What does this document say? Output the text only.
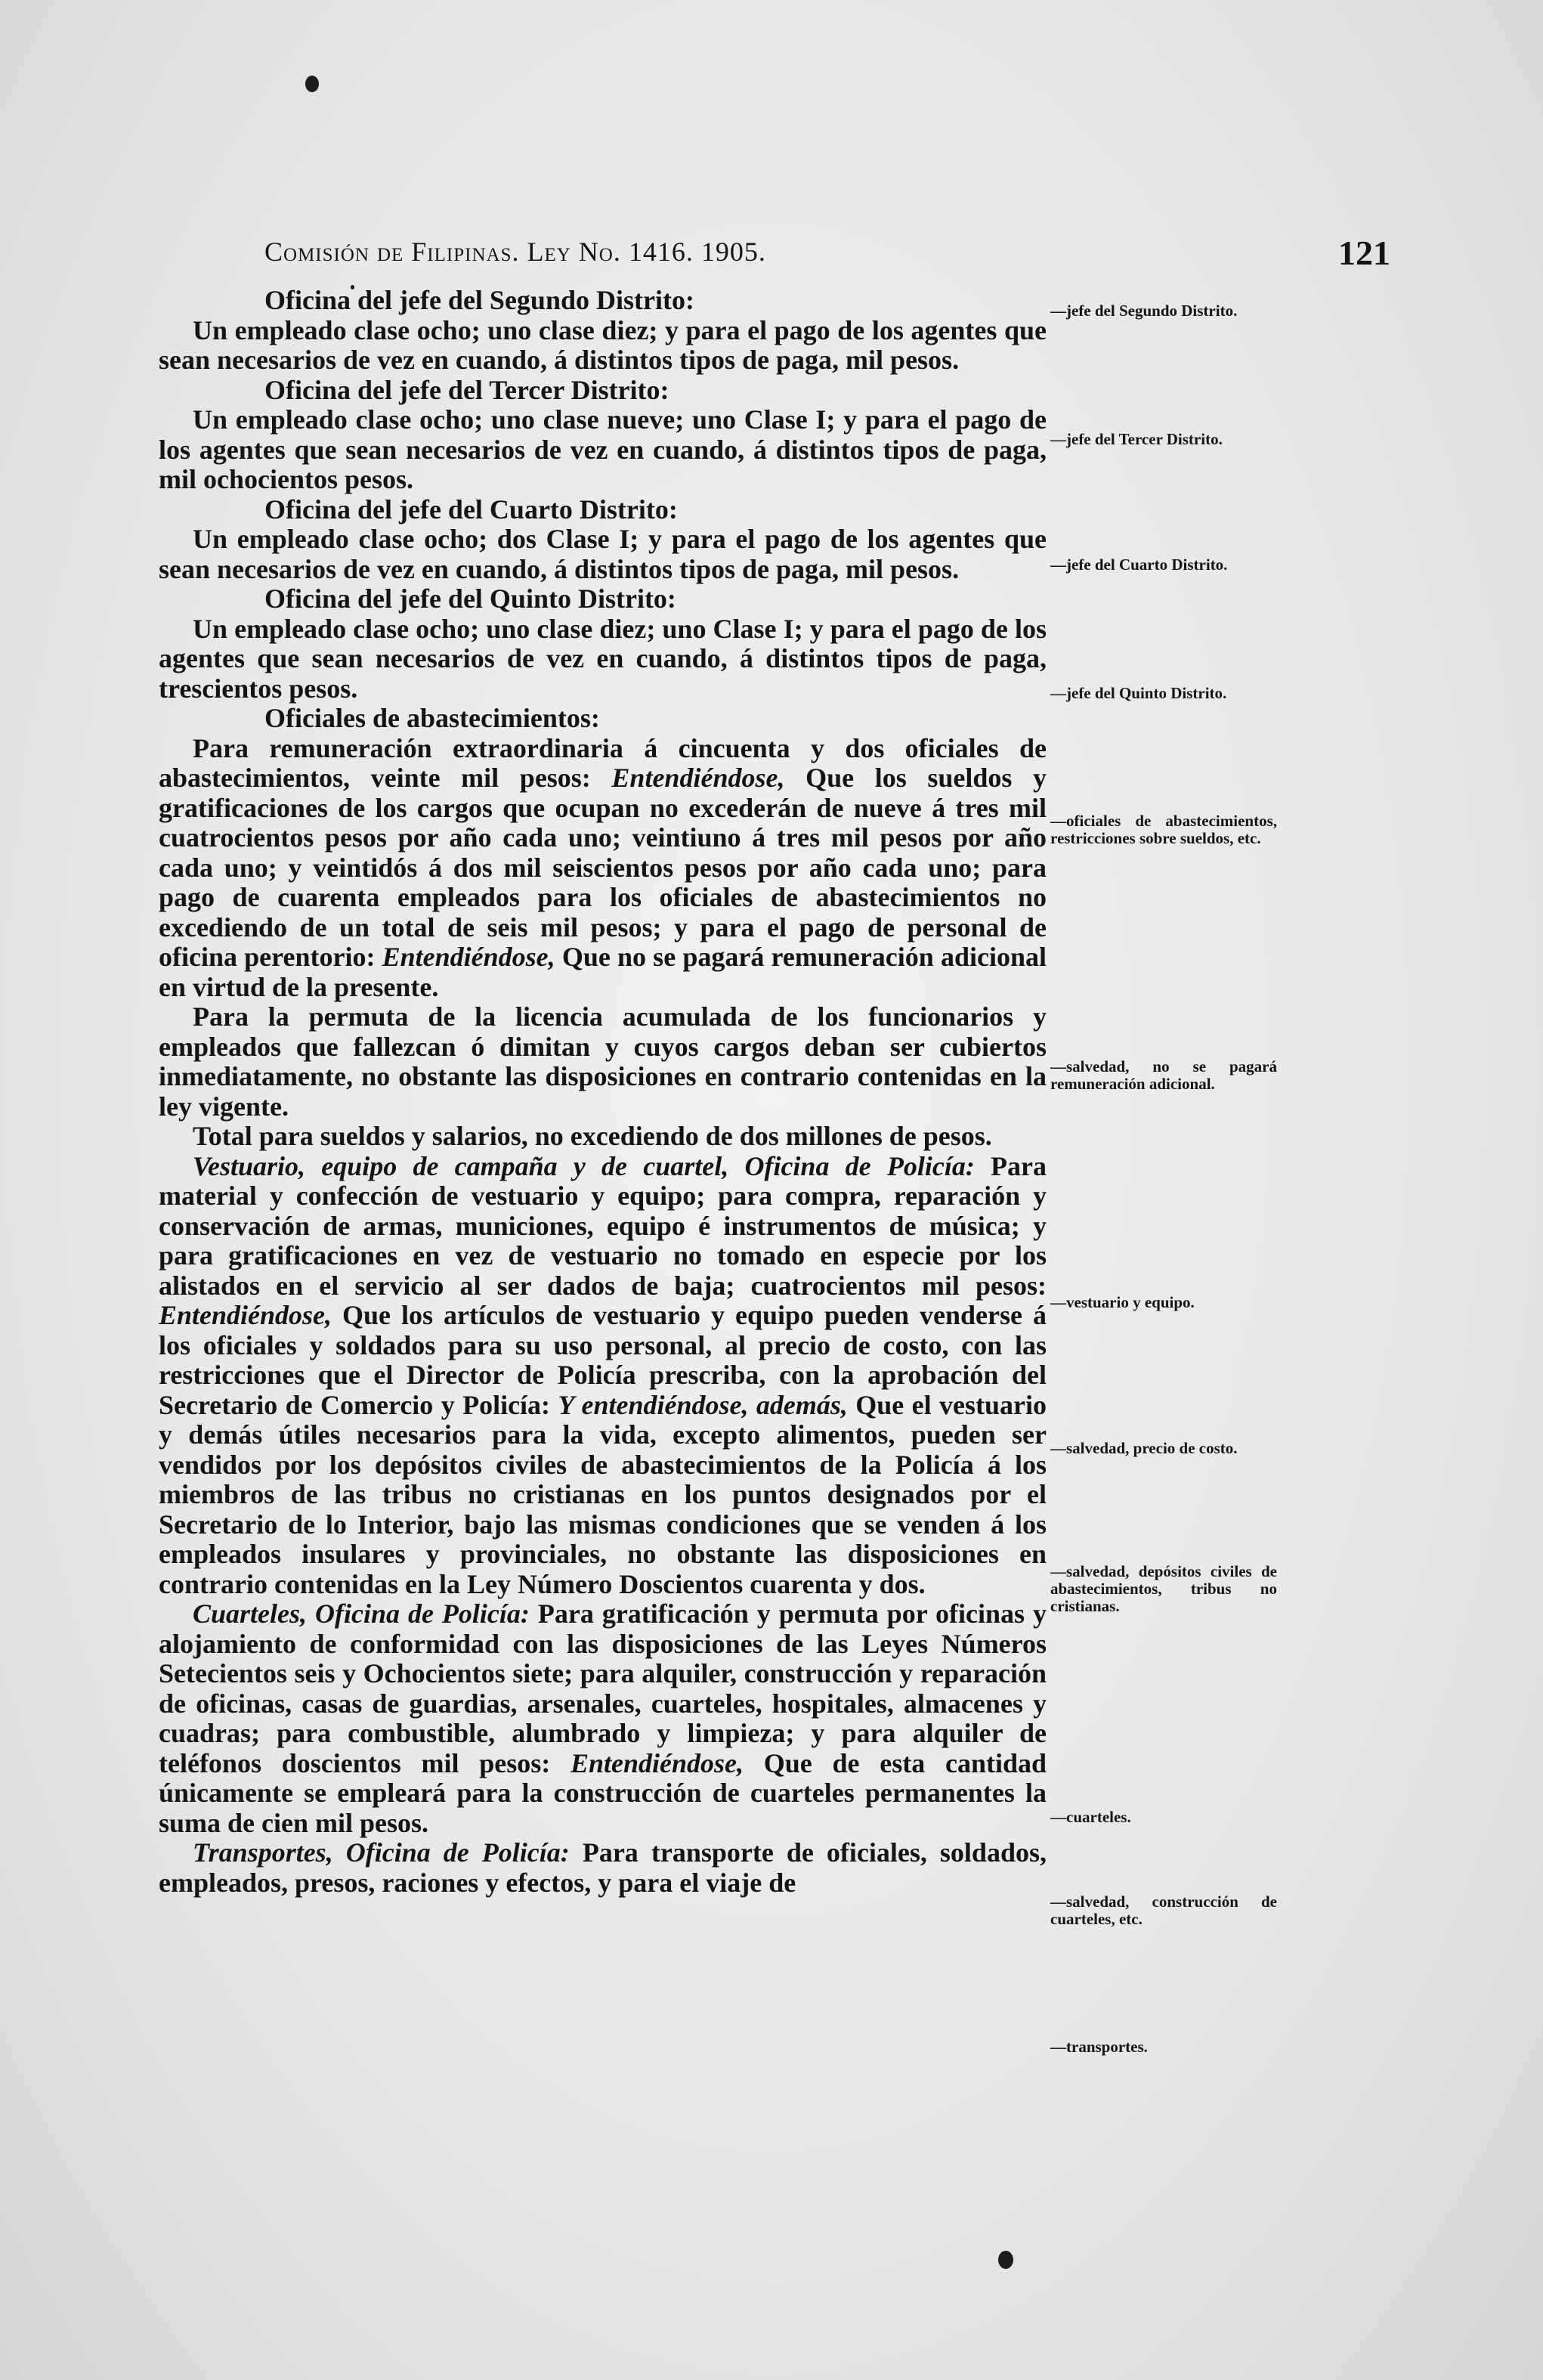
Comisión de Filipinas. Ley No. 1416. 1905.	121

Oficina del jefe del Segundo Distrito:

Un empleado clase ocho; uno clase diez; y para el pago de los agentes que sean necesarios de vez en cuando, á distintos tipos de paga, mil pesos.

Oficina del jefe del Tercer Distrito:

Un empleado clase ocho; uno clase nueve; uno Clase I; y para el pago de los agentes que sean necesarios de vez en cuando, á distintos tipos de paga, mil ochocientos pesos.

Oficina del jefe del Cuarto Distrito:

Un empleado clase ocho; dos Clase I; y para el pago de los agentes que sean necesarios de vez en cuando, á distintos tipos de paga, mil pesos.

Oficina del jefe del Quinto Distrito:

Un empleado clase ocho; uno clase diez; uno Clase I; y para el pago de los agentes que sean necesarios de vez en cuando, á distintos tipos de paga, trescientos pesos.

Oficiales de abastecimientos:

Para remuneración extraordinaria á cincuenta y dos oficiales de abastecimientos, veinte mil pesos: Entendiéndose, Que los sueldos y gratificaciones de los cargos que ocupan no excederán de nueve á tres mil cuatrocientos pesos por año cada uno; veintiuno á tres mil pesos por año cada uno; y veintidós á dos mil seiscientos pesos por año cada uno; para pago de cuarenta empleados para los oficiales de abastecimientos no excediendo de un total de seis mil pesos; y para el pago de personal de oficina perentorio: Entendiéndose, Que no se pagará remuneración adicional en virtud de la presente.

Para la permuta de la licencia acumulada de los funcionarios y empleados que fallezcan ó dimitan y cuyos cargos deban ser cubiertos inmediatamente, no obstante las disposiciones en contrario contenidas en la ley vigente.

Total para sueldos y salarios, no excediendo de dos millones de pesos.

Vestuario, equipo de campaña y de cuartel, Oficina de Policía: Para material y confección de vestuario y equipo; para compra, reparación y conservación de armas, municiones, equipo é instrumentos de música; y para gratificaciones en vez de vestuario no tomado en especie por los alistados en el servicio al ser dados de baja; cuatrocientos mil pesos: Entendiéndose, Que los artículos de vestuario y equipo pueden venderse á los oficiales y soldados para su uso personal, al precio de costo, con las restricciones que el Director de Policía prescriba, con la aprobación del Secretario de Comercio y Policía: Y entendiéndose, además, Que el vestuario y demás útiles necesarios para la vida, excepto alimentos, pueden ser vendidos por los depósitos civiles de abastecimientos de la Policía á los miembros de las tribus no cristianas en los puntos designados por el Secretario de lo Interior, bajo las mismas condiciones que se venden á los empleados insulares y provinciales, no obstante las disposiciones en contrario contenidas en la Ley Número Doscientos cuarenta y dos.

Cuarteles, Oficina de Policía: Para gratificación y permuta por oficinas y alojamiento de conformidad con las disposiciones de las Leyes Números Setecientos seis y Ochocientos siete; para alquiler, construcción y reparación de oficinas, casas de guardias, arsenales, cuarteles, hospitales, almacenes y cuadras; para combustible, alumbrado y limpieza; y para alquiler de teléfonos doscientos mil pesos: Entendiéndose, Que de esta cantidad únicamente se empleará para la construcción de cuarteles permanentes la suma de cien mil pesos.

Transportes, Oficina de Policía: Para transporte de oficiales, soldados, empleados, presos, raciones y efectos, y para el viaje de

—jefe del Segundo Distrito.
—jefe del Tercer Distrito.
—jefe del Cuarto Distrito.
—jefe del Quinto Distrito.
—oficiales de abastecimientos, restricciones sobre sueldos, etc.
—salvedad, no se pagará remuneración adicional.
—vestuario y equipo.
—salvedad, precio de costo.
—salvedad, depósitos civiles de abastecimientos, tribus no cristianas.
—cuarteles.
—salvedad, construcción de cuarteles, etc.
—transportes.
